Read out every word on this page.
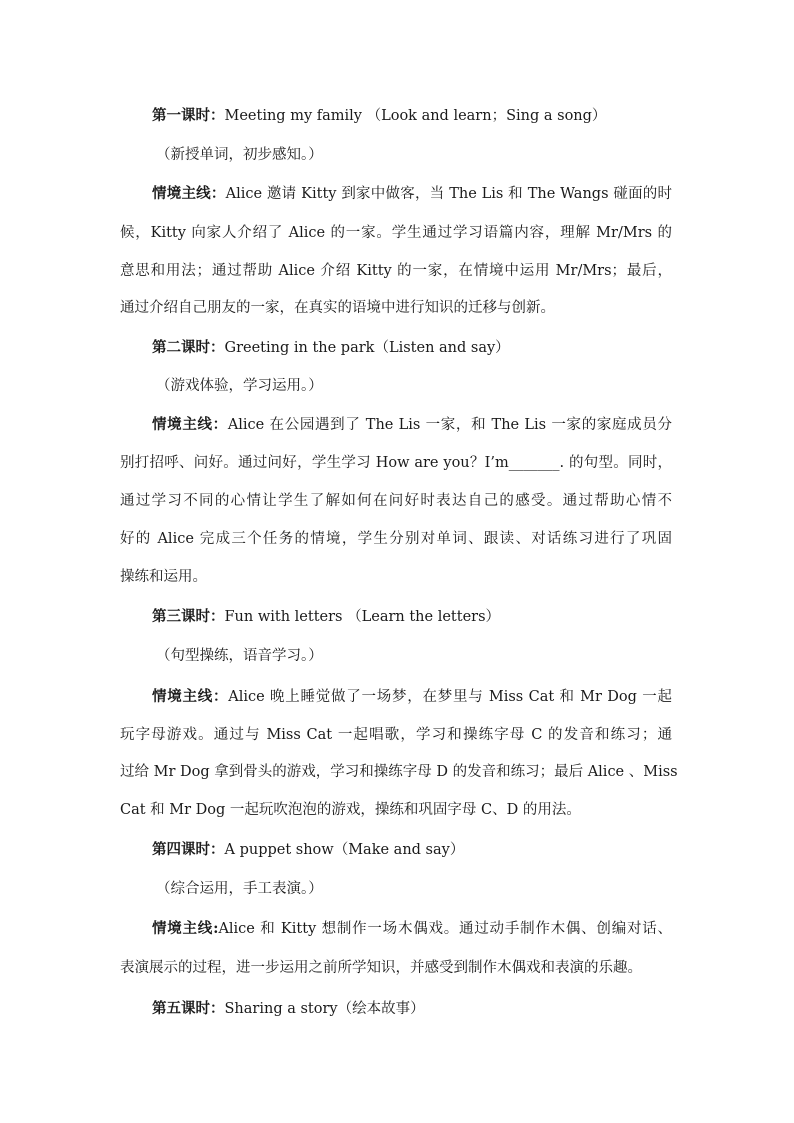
第一课时：Meeting my family （Look and learn；Sing a song）
（新授单词，初步感知。）
情境主线：Alice 邀请 Kitty 到家中做客，当 The Lis 和 The Wangs 碰面的时
候，Kitty 向家人介绍了 Alice 的一家。学生通过学习语篇内容，理解 Mr/Mrs 的
意思和用法；通过帮助 Alice 介绍 Kitty 的一家，在情境中运用 Mr/Mrs；最后，
通过介绍自己朋友的一家，在真实的语境中进行知识的迁移与创新。
第二课时：Greeting in the park（Listen and say）
（游戏体验，学习运用。）
情境主线：Alice 在公园遇到了 The Lis 一家，和 The Lis 一家的家庭成员分
别打招呼、问好。通过问好，学生学习 How are you？I’m_______. 的句型。同时，
通过学习不同的心情让学生了解如何在问好时表达自己的感受。通过帮助心情不
好的 Alice 完成三个任务的情境，学生分别对单词、跟读、对话练习进行了巩固
操练和运用。
第三课时：Fun with letters （Learn the letters）
（句型操练，语音学习。）
情境主线：Alice 晚上睡觉做了一场梦，在梦里与 Miss Cat 和 Mr Dog 一起
玩字母游戏。通过与 Miss Cat 一起唱歌，学习和操练字母 C 的发音和练习；通
过给 Mr Dog 拿到骨头的游戏，学习和操练字母 D 的发音和练习；最后 Alice 、Miss
Cat 和 Mr Dog 一起玩吹泡泡的游戏，操练和巩固字母 C、D 的用法。
第四课时：A puppet show（Make and say）
（综合运用，手工表演。）
情境主线:Alice 和 Kitty 想制作一场木偶戏。通过动手制作木偶、创编对话、
表演展示的过程，进一步运用之前所学知识，并感受到制作木偶戏和表演的乐趣。
第五课时：Sharing a story（绘本故事）
